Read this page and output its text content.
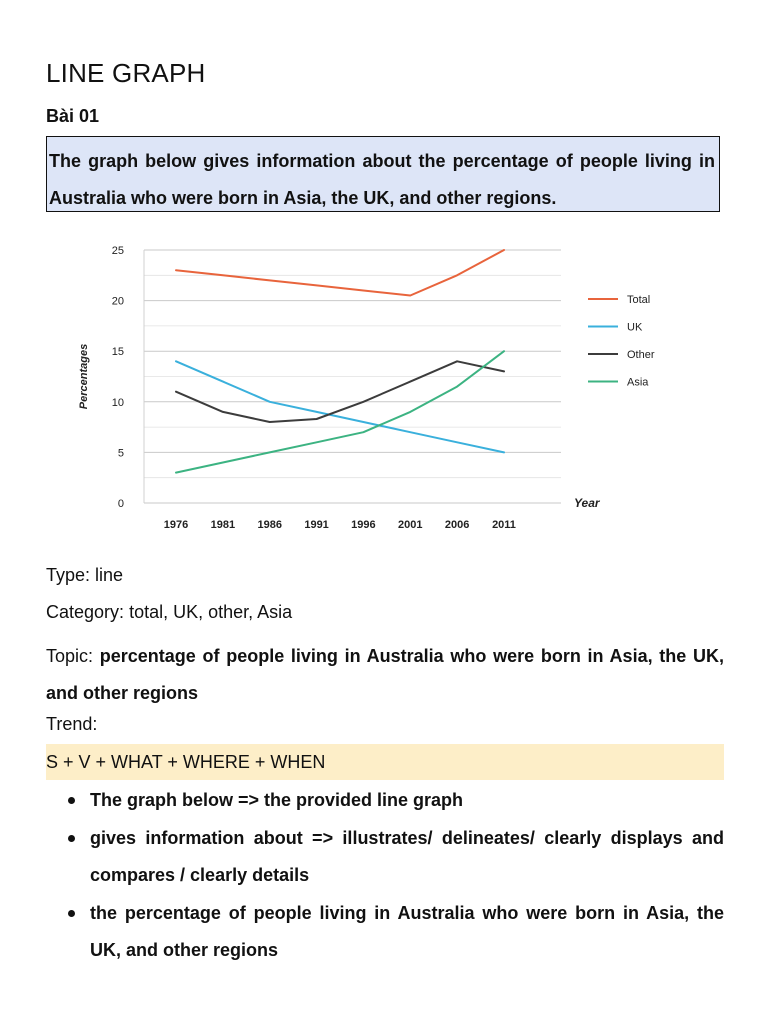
LINE GRAPH
Bài 01
The graph below gives information about the percentage of people living in Australia who were born in Asia, the UK, and other regions.
0
5
10
15
20
25
1976 1981 1986 1991 1996 2001 2006 2011
Percentages
Year
Total
UK
Other
Asia
Type: line
Category: total, UK, other, Asia
Topic: percentage of people living in Australia who were born in Asia, the UK, and other regions
Trend:
S + V + WHAT + WHERE + WHEN
The graph below => the provided line graph
gives information about => illustrates/ delineates/ clearly displays and compares / clearly details
the percentage of people living in Australia who were born in Asia, the UK, and other regions
